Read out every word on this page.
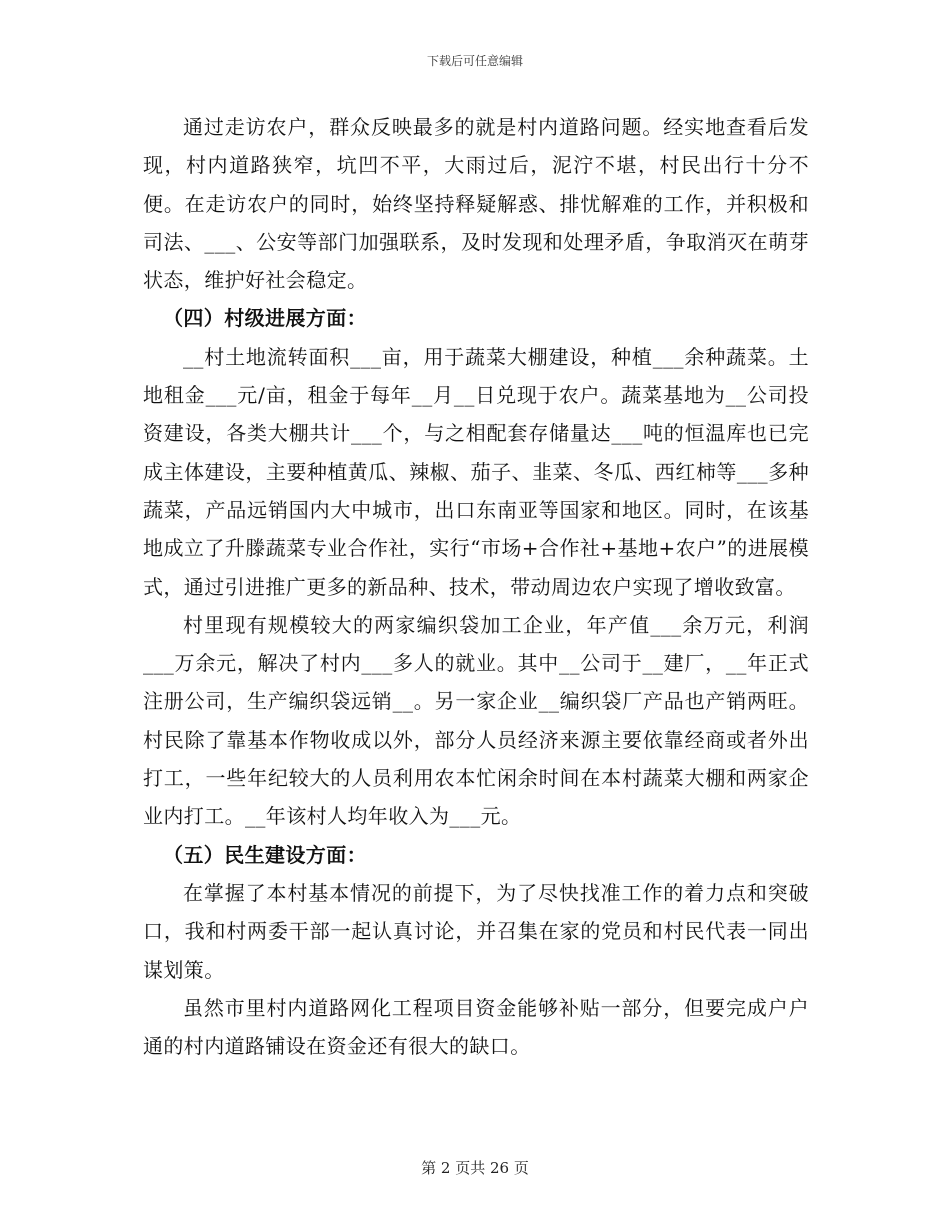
下载后可任意编辑

通过走访农户，群众反映最多的就是村内道路问题。经实地查看后发现，村内道路狭窄，坑凹不平，大雨过后，泥泞不堪，村民出行十分不便。在走访农户的同时，始终坚持释疑解惑、排忧解难的工作，并积极和司法、___、公安等部门加强联系，及时发现和处理矛盾，争取消灭在萌芽状态，维护好社会稳定。

（四）村级进展方面：

__村土地流转面积___亩，用于蔬菜大棚建设，种植___余种蔬菜。土地租金___元/亩，租金于每年__月__日兑现于农户。蔬菜基地为__公司投资建设，各类大棚共计___个，与之相配套存储量达___吨的恒温库也已完成主体建设，主要种植黄瓜、辣椒、茄子、韭菜、冬瓜、西红柿等___多种蔬菜，产品远销国内大中城市，出口东南亚等国家和地区。同时，在该基地成立了升滕蔬菜专业合作社，实行“市场+合作社+基地+农户”的进展模式，通过引进推广更多的新品种、技术，带动周边农户实现了增收致富。

村里现有规模较大的两家编织袋加工企业，年产值___余万元，利润___万余元，解决了村内___多人的就业。其中__公司于__建厂，__年正式注册公司，生产编织袋远销__。另一家企业__编织袋厂产品也产销两旺。村民除了靠基本作物收成以外，部分人员经济来源主要依靠经商或者外出打工，一些年纪较大的人员利用农本忙闲余时间在本村蔬菜大棚和两家企业内打工。__年该村人均年收入为___元。

（五）民生建设方面：

在掌握了本村基本情况的前提下，为了尽快找准工作的着力点和突破口，我和村两委干部一起认真讨论，并召集在家的党员和村民代表一同出谋划策。

虽然市里村内道路网化工程项目资金能够补贴一部分，但要完成户户通的村内道路铺设在资金还有很大的缺口。

第 2 页共 26 页
